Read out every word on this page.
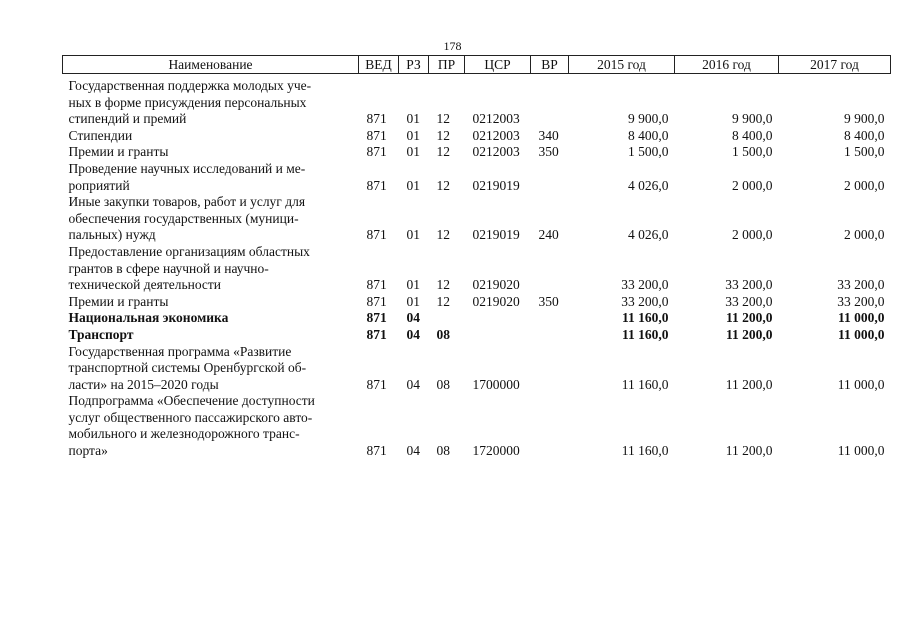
178
Наименование	ВЕД	РЗ	ПР	ЦСР	ВР	2015 год	2016 год	2017 год

Государственная поддержка молодых уче-
ных в форме присуждения персональных
стипендий и премий	871	01	12	0212003		9 900,0	9 900,0	9 900,0

Стипендии	871	01	12	0212003	340	8 400,0	8 400,0	8 400,0

Премии и гранты	871	01	12	0212003	350	1 500,0	1 500,0	1 500,0

Проведение научных исследований и ме-
роприятий	871	01	12	0219019		4 026,0	2 000,0	2 000,0

Иные закупки товаров, работ и услуг для
обеспечения государственных (муници-
пальных) нужд	871	01	12	0219019	240	4 026,0	2 000,0	2 000,0

Предоставление организациям областных
грантов в сфере научной и научно-
технической деятельности	871	01	12	0219020		33 200,0	33 200,0	33 200,0

Премии и гранты	871	01	12	0219020	350	33 200,0	33 200,0	33 200,0

Национальная экономика	871	04				11 160,0	11 200,0	11 000,0

Транспорт	871	04	08			11 160,0	11 200,0	11 000,0

Государственная программа «Развитие
транспортной системы Оренбургской об-
ласти» на 2015–2020 годы	871	04	08	1700000		11 160,0	11 200,0	11 000,0

Подпрограмма «Обеспечение доступности
услуг общественного пассажирского авто-
мобильного и железнодорожного транс-
порта»	871	04	08	1720000		11 160,0	11 200,0	11 000,0
